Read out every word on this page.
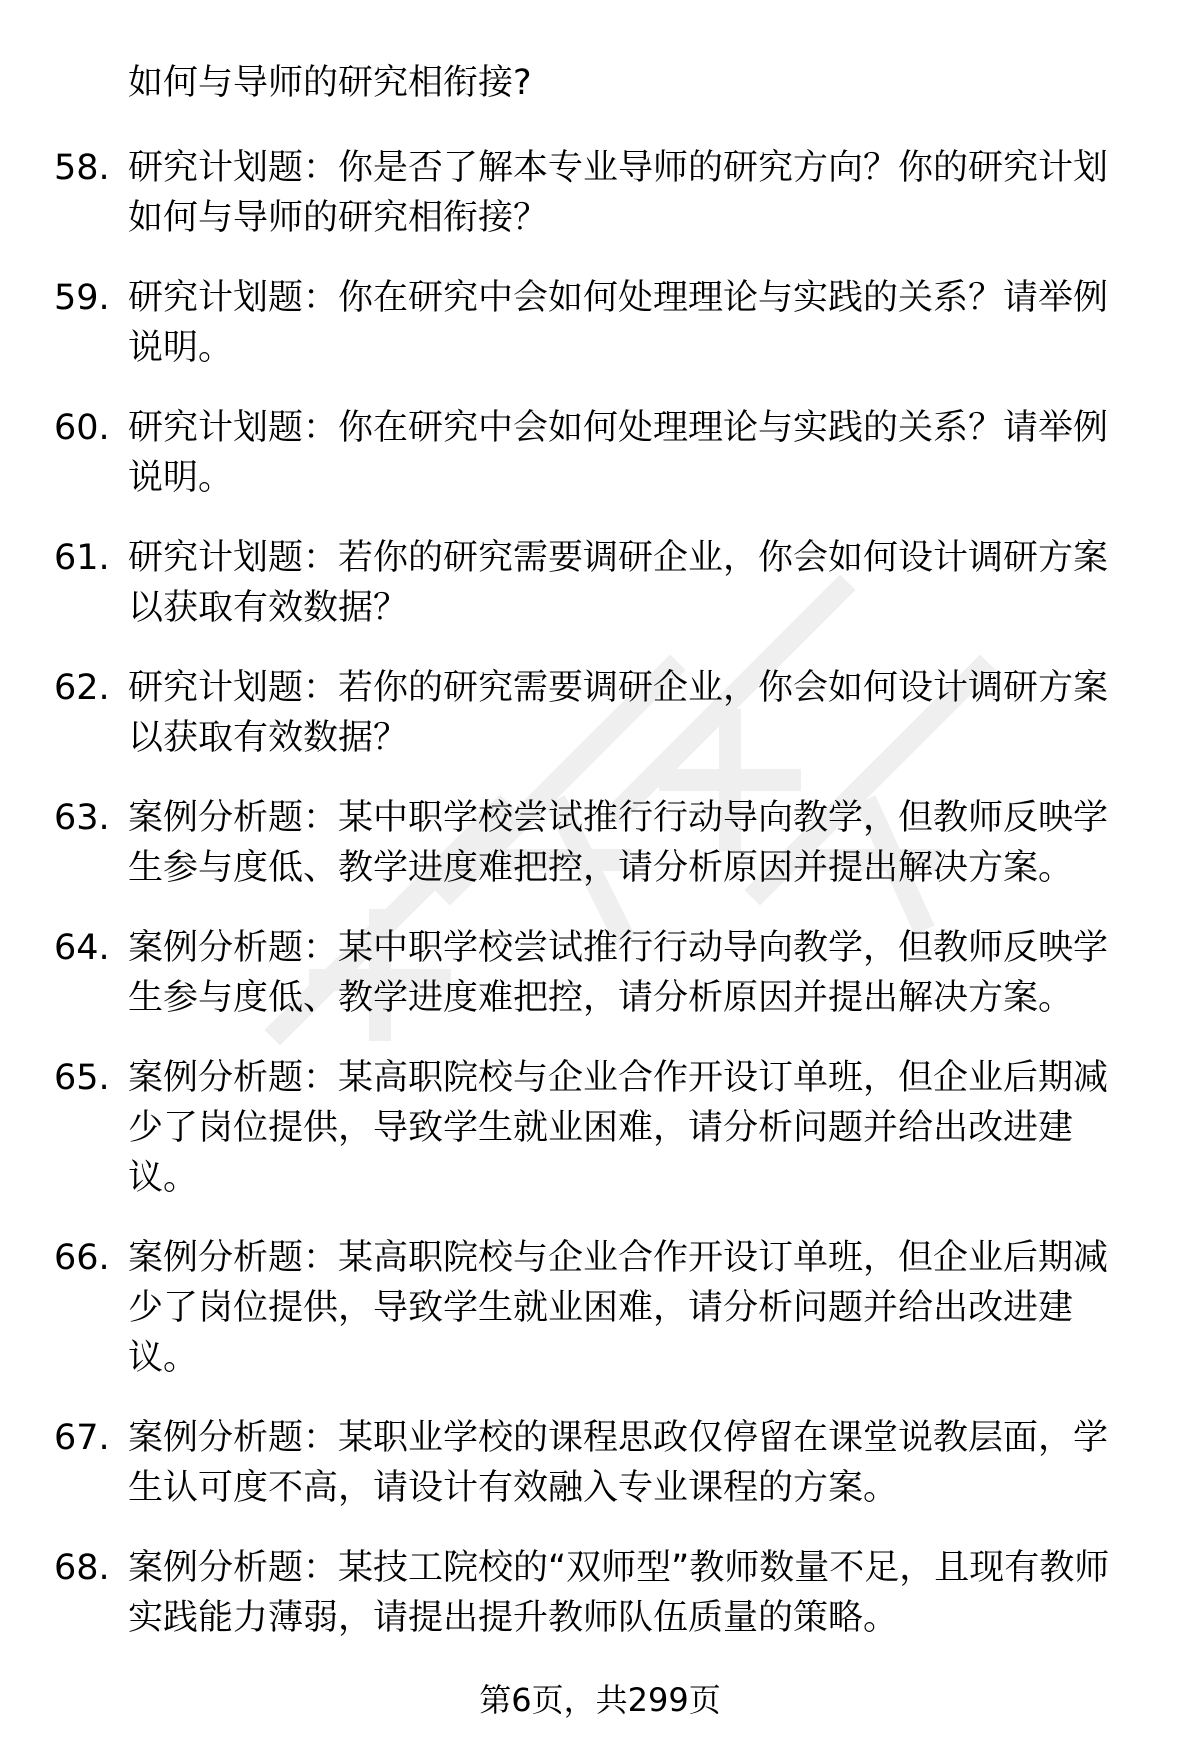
如何与导师的研究相衔接?
58. 研究计划题：你是否了解本专业导师的研究方向？你的研究计划如何与导师的研究相衔接？
59. 研究计划题：你在研究中会如何处理理论与实践的关系？请举例说明。
60. 研究计划题：你在研究中会如何处理理论与实践的关系？请举例说明。
61. 研究计划题：若你的研究需要调研企业，你会如何设计调研方案以获取有效数据？
62. 研究计划题：若你的研究需要调研企业，你会如何设计调研方案以获取有效数据？
63. 案例分析题：某中职学校尝试推行行动导向教学，但教师反映学生参与度低、教学进度难把控，请分析原因并提出解决方案。
64. 案例分析题：某中职学校尝试推行行动导向教学，但教师反映学生参与度低、教学进度难把控，请分析原因并提出解决方案。
65. 案例分析题：某高职院校与企业合作开设订单班，但企业后期减少了岗位提供，导致学生就业困难，请分析问题并给出改进建议。
66. 案例分析题：某高职院校与企业合作开设订单班，但企业后期减少了岗位提供，导致学生就业困难，请分析问题并给出改进建议。
67. 案例分析题：某职业学校的课程思政仅停留在课堂说教层面，学生认可度不高，请设计有效融入专业课程的方案。
68. 案例分析题：某技工院校的“双师型”教师数量不足，且现有教师实践能力薄弱，请提出提升教师队伍质量的策略。
第6页，共299页
